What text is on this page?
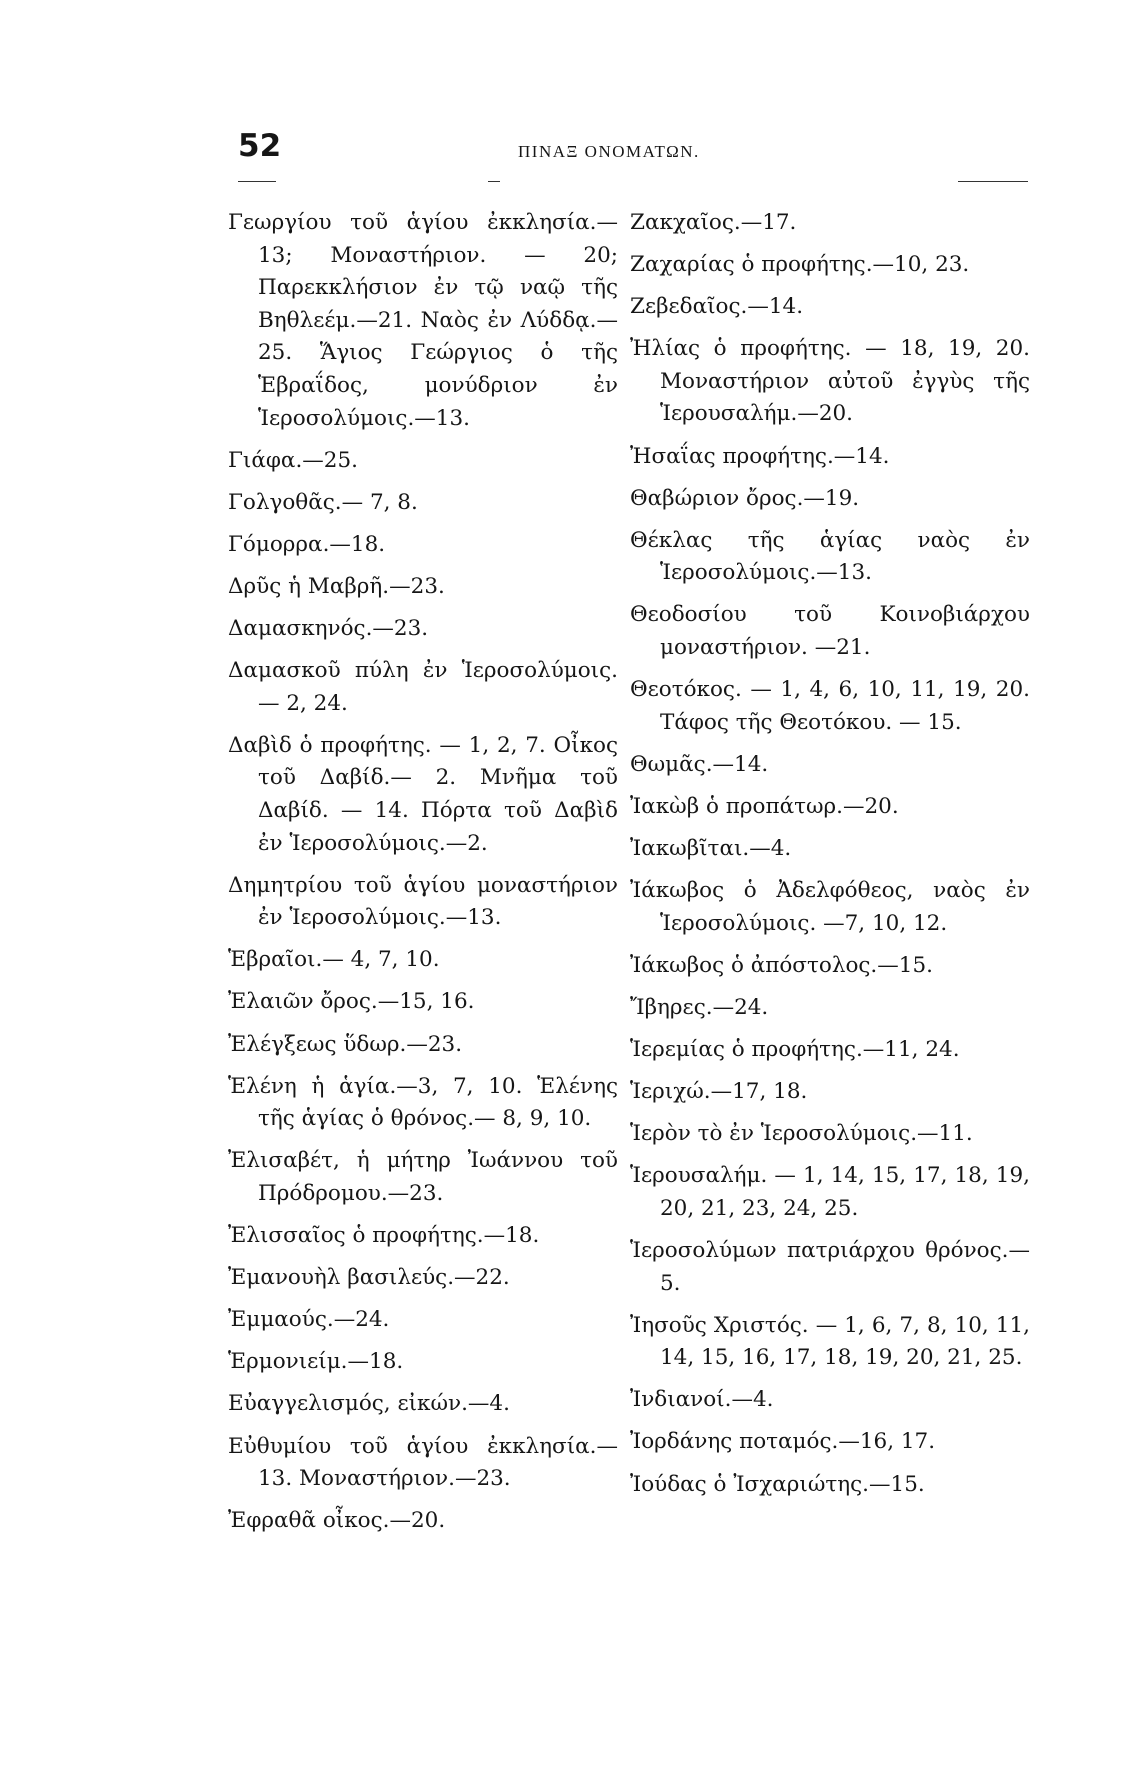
52	ΠΙΝΑΞ ΟΝΟΜΑΤΩΝ.
Γεωργίου τοῦ ἁγίου ἐκκλησία.— 13; Μοναστήριον. — 20; Παρεκκλήσιον ἐν τῷ ναῷ τῆς Βηθλεέμ.—21. Ναὸς ἐν Λύδδᾳ.—25. Ἅγιος Γεώργιος ὁ τῆς Ἑβραΐδος, μονύδριον ἐν Ἱεροσολύμοις.—13.
Γιάφα.—25.
Γολγοθᾶς.— 7, 8.
Γόμορρα.—18.
Δρῦς ἡ Μαβρῆ.—23.
Δαμασκηνός.—23.
Δαμασκοῦ πύλη ἐν Ἱεροσολύμοις. — 2, 24.
Δαβὶδ ὁ προφήτης. — 1, 2, 7. Οἶκος τοῦ Δαβίδ.— 2. Μνῆμα τοῦ Δαβίδ. — 14. Πόρτα τοῦ Δαβὶδ ἐν Ἱεροσολύμοις.—2.
Δημητρίου τοῦ ἁγίου μοναστήριον ἐν Ἱεροσολύμοις.—13.
Ἑβραῖοι.— 4, 7, 10.
Ἐλαιῶν ὄρος.—15, 16.
Ἐλέγξεως ὕδωρ.—23.
Ἑλένη ἡ ἁγία.—3, 7, 10. Ἑλένης τῆς ἁγίας ὁ θρόνος.— 8, 9, 10.
Ἐλισαβέτ, ἡ μήτηρ Ἰωάννου τοῦ Πρόδρομου.—23.
Ἐλισσαῖος ὁ προφήτης.—18.
Ἐμανουὴλ βασιλεύς.—22.
Ἐμμαούς.—24.
Ἑρμονιείμ.—18.
Εὐαγγελισμός, εἰκών.—4.
Εὐθυμίου τοῦ ἁγίου ἐκκλησία.— 13. Μοναστήριον.—23.
Ἐφραθᾶ οἶκος.—20.
Ζακχαῖος.—17.
Ζαχαρίας ὁ προφήτης.—10, 23.
Ζεβεδαῖος.—14.
Ἠλίας ὁ προφήτης. — 18, 19, 20. Μοναστήριον αὐτοῦ ἐγγὺς τῆς Ἱερουσαλήμ.—20.
Ἠσαΐας προφήτης.—14.
Θαβώριον ὄρος.—19.
Θέκλας τῆς ἁγίας ναὸς ἐν Ἱεροσολύμοις.—13.
Θεοδοσίου τοῦ Κοινοβιάρχου μοναστήριον. —21.
Θεοτόκος. — 1, 4, 6, 10, 11, 19, 20. Τάφος τῆς Θεοτόκου. — 15.
Θωμᾶς.—14.
Ἰακὼβ ὁ προπάτωρ.—20.
Ἰακωβῖται.—4.
Ἰάκωβος ὁ Ἀδελφόθεος, ναὸς ἐν Ἱεροσολύμοις. —7, 10, 12.
Ἰάκωβος ὁ ἀπόστολος.—15.
Ἴβηρες.—24.
Ἱερεμίας ὁ προφήτης.—11, 24.
Ἱεριχώ.—17, 18.
Ἱερὸν τὸ ἐν Ἱεροσολύμοις.—11.
Ἱερουσαλήμ. — 1, 14, 15, 17, 18, 19, 20, 21, 23, 24, 25.
Ἱεροσολύμων πατριάρχου θρόνος.—5.
Ἰησοῦς Χριστός. — 1, 6, 7, 8, 10, 11, 14, 15, 16, 17, 18, 19, 20, 21, 25.
Ἰνδιανοί.—4.
Ἰορδάνης ποταμός.—16, 17.
Ἰούδας ὁ Ἰσχαριώτης.—15.
